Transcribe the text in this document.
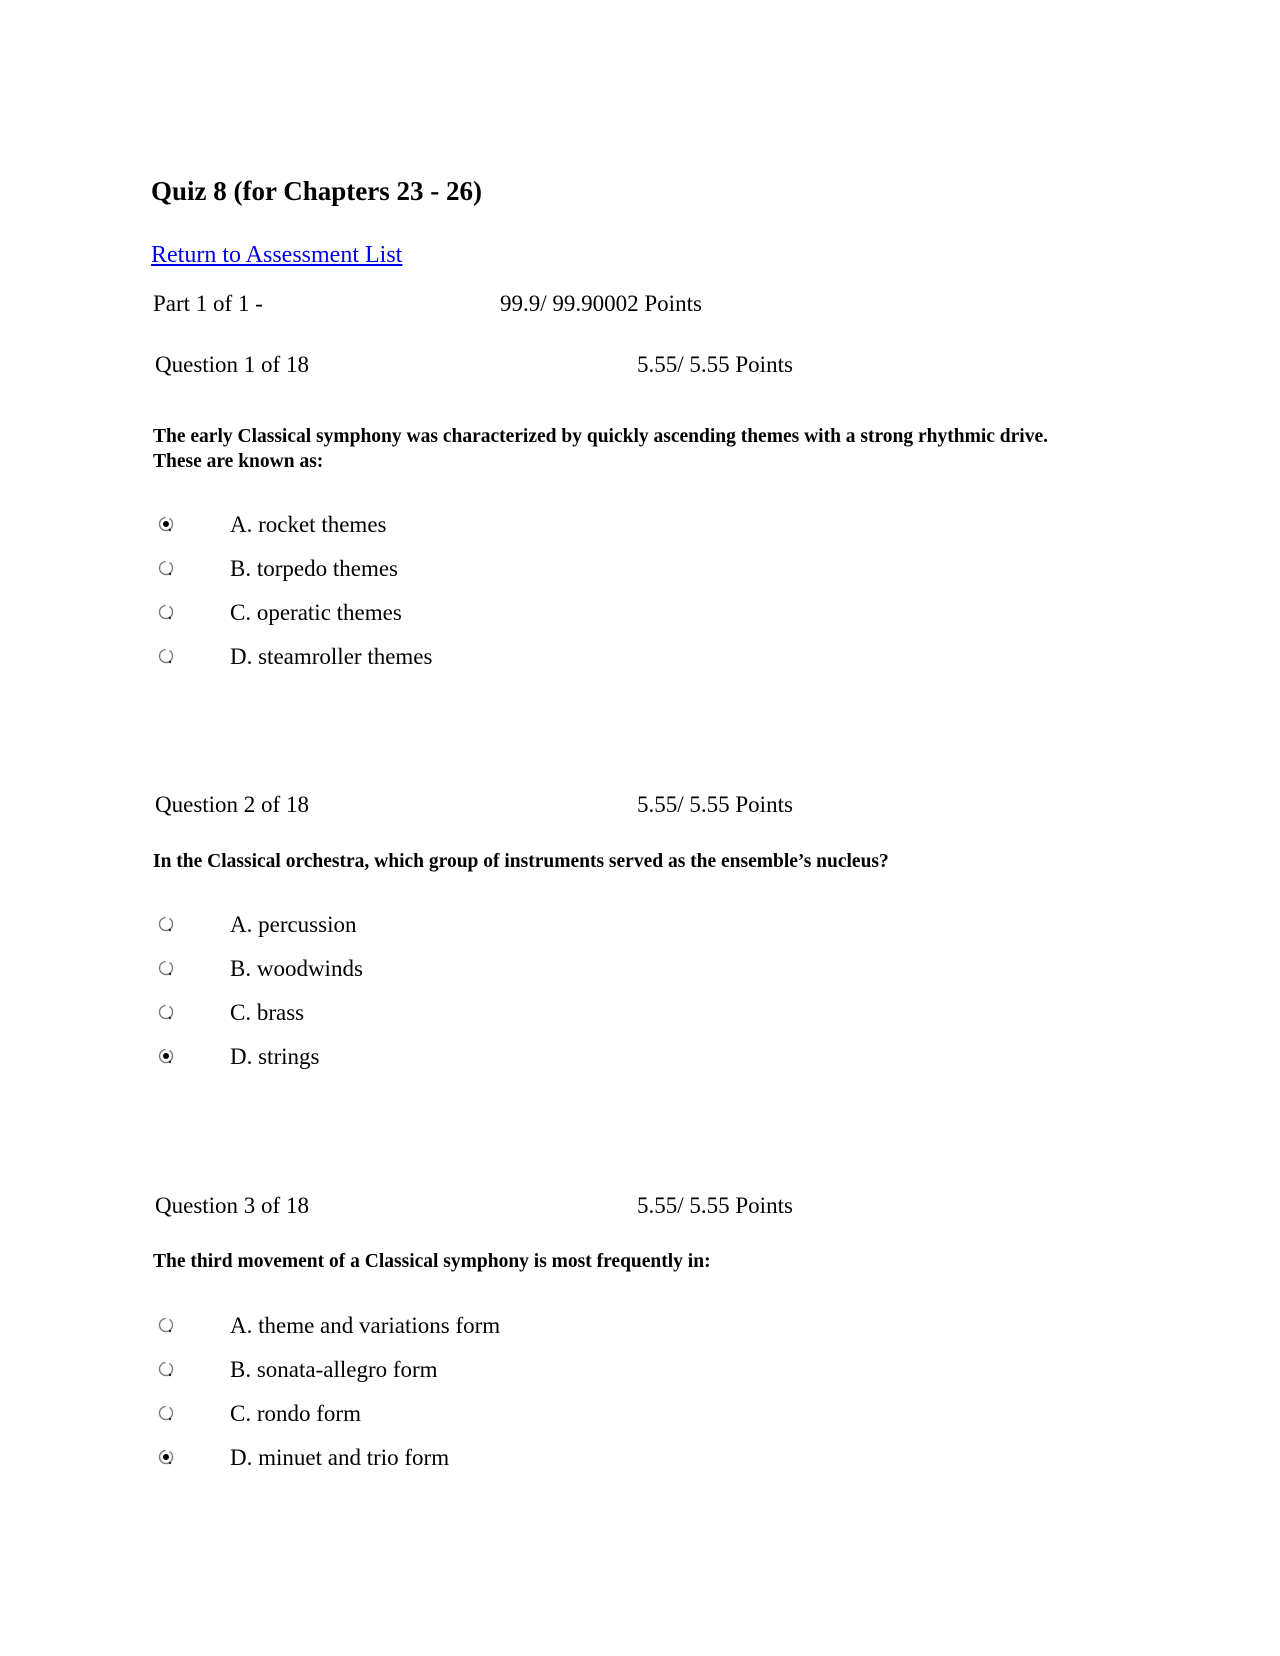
Quiz 8 (for Chapters 23 - 26)
Return to Assessment List
Part 1 of 1 -	99.9/ 99.90002 Points
Question 1 of 18	5.55/ 5.55 Points
The early Classical symphony was characterized by quickly ascending themes with a strong rhythmic drive.
These are known as:
A. rocket themes
B. torpedo themes
C. operatic themes
D. steamroller themes
Question 2 of 18	5.55/ 5.55 Points
In the Classical orchestra, which group of instruments served as the ensemble’s nucleus?
A. percussion
B. woodwinds
C. brass
D. strings
Question 3 of 18	5.55/ 5.55 Points
The third movement of a Classical symphony is most frequently in:
A. theme and variations form
B. sonata-allegro form
C. rondo form
D. minuet and trio form
